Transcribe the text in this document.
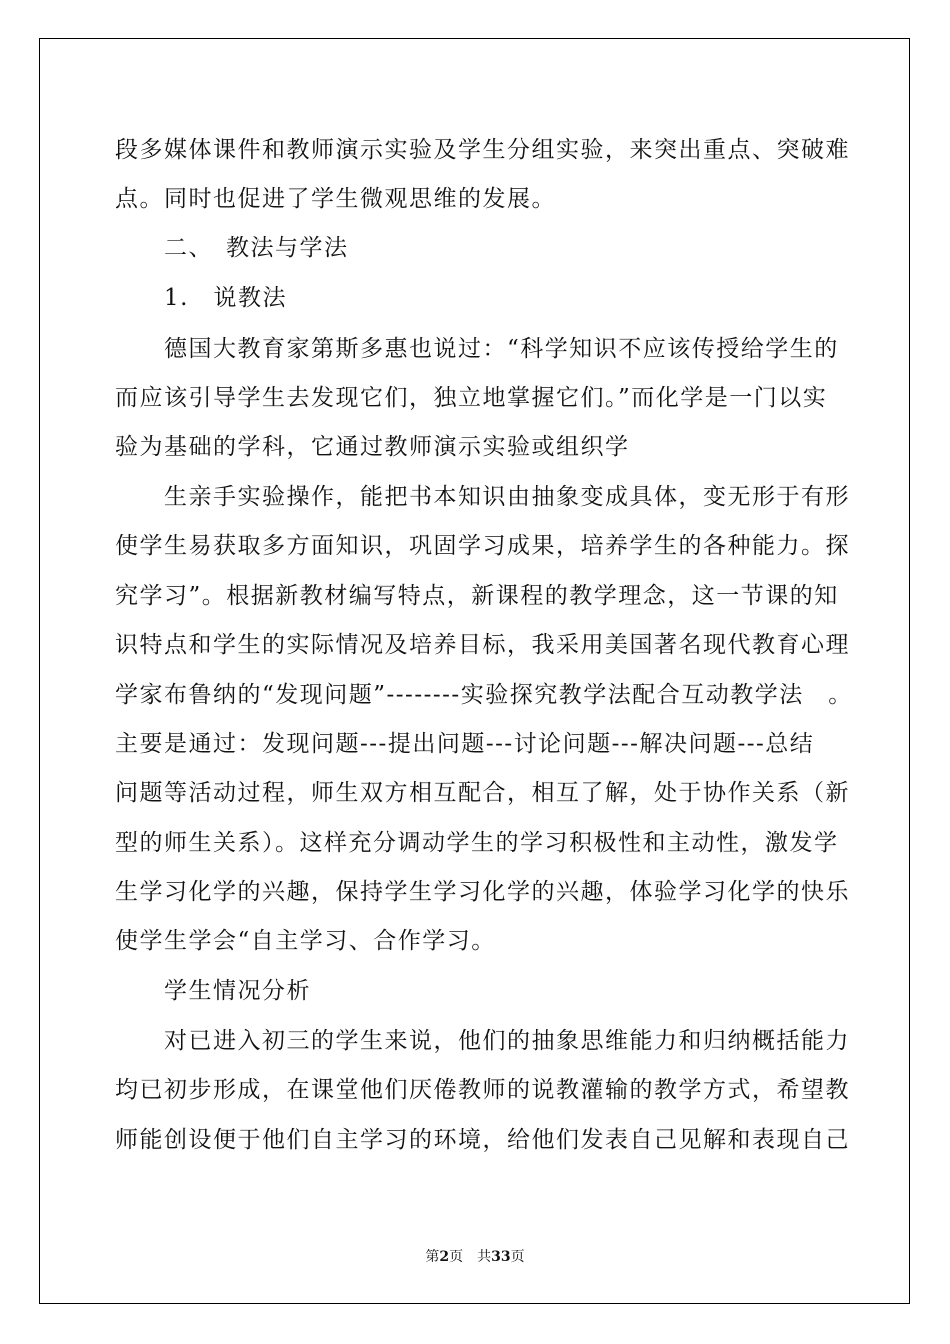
段多媒体课件和教师演示实验及学生分组实验，来突出重点、突破难
点。同时也促进了学生微观思维的发展。
　　二、　教法与学法
　　1.　说教法
　　德国大教育家第斯多惠也说过：“科学知识不应该传授给学生的
而应该引导学生去发现它们，独立地掌握它们。”而化学是一门以实
验为基础的学科，它通过教师演示实验或组织学
　　生亲手实验操作，能把书本知识由抽象变成具体，变无形于有形
使学生易获取多方面知识，巩固学习成果，培养学生的各种能力。探
究学习”。根据新教材编写特点，新课程的教学理念，这一节课的知
识特点和学生的实际情况及培养目标，我采用美国著名现代教育心理
学家布鲁纳的“发现问题”--------实验探究教学法配合互动教学法　。
主要是通过：发现问题---提出问题---讨论问题---解决问题---总结
问题等活动过程，师生双方相互配合，相互了解，处于协作关系（新
型的师生关系）。这样充分调动学生的学习积极性和主动性，激发学
生学习化学的兴趣，保持学生学习化学的兴趣，体验学习化学的快乐
使学生学会“自主学习、合作学习。
　　学生情况分析
　　对已进入初三的学生来说，他们的抽象思维能力和归纳概括能力
均已初步形成，在课堂他们厌倦教师的说教灌输的教学方式，希望教
师能创设便于他们自主学习的环境，给他们发表自己见解和表现自己
第2页　共33页
